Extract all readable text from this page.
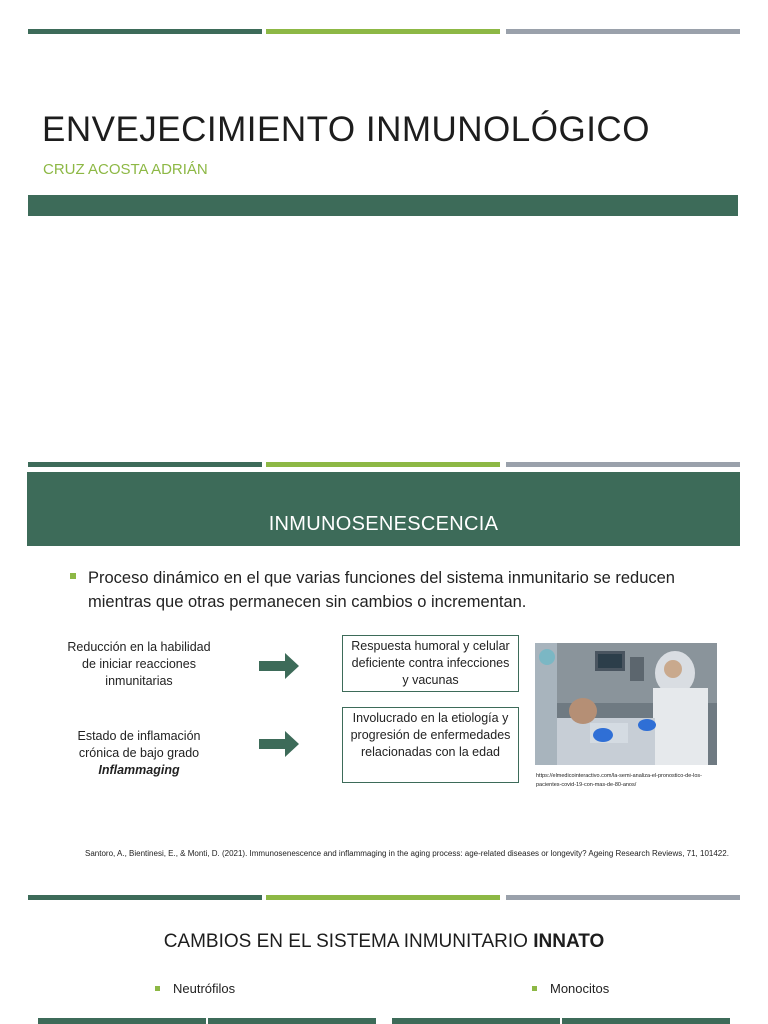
ENVEJECIMIENTO INMUNOLÓGICO
CRUZ ACOSTA ADRIÁN
INMUNOSENESCENCIA
Proceso dinámico en el que varias funciones del sistema inmunitario se reducen mientras que otras permanecen sin cambios o incrementan.
Reducción en la habilidad de iniciar reacciones inmunitarias
Respuesta humoral y celular deficiente contra infecciones y vacunas
Estado de inflamación crónica de bajo grado
Inflammaging
Involucrado en la etiología y progresión de enfermedades relacionadas con la edad
https://elmedicointeractivo.com/la-semi-analiza-el-pronostico-de-los-pacientes-covid-19-con-mas-de-80-anos/
Santoro, A., Bientinesi, E., & Monti, D. (2021). Immunosenescence and inflammaging in the aging process: age-related diseases or longevity? Ageing Research Reviews, 71, 101422.
CAMBIOS EN EL SISTEMA INMUNITARIO INNATO
Neutrófilos	Monocitos
